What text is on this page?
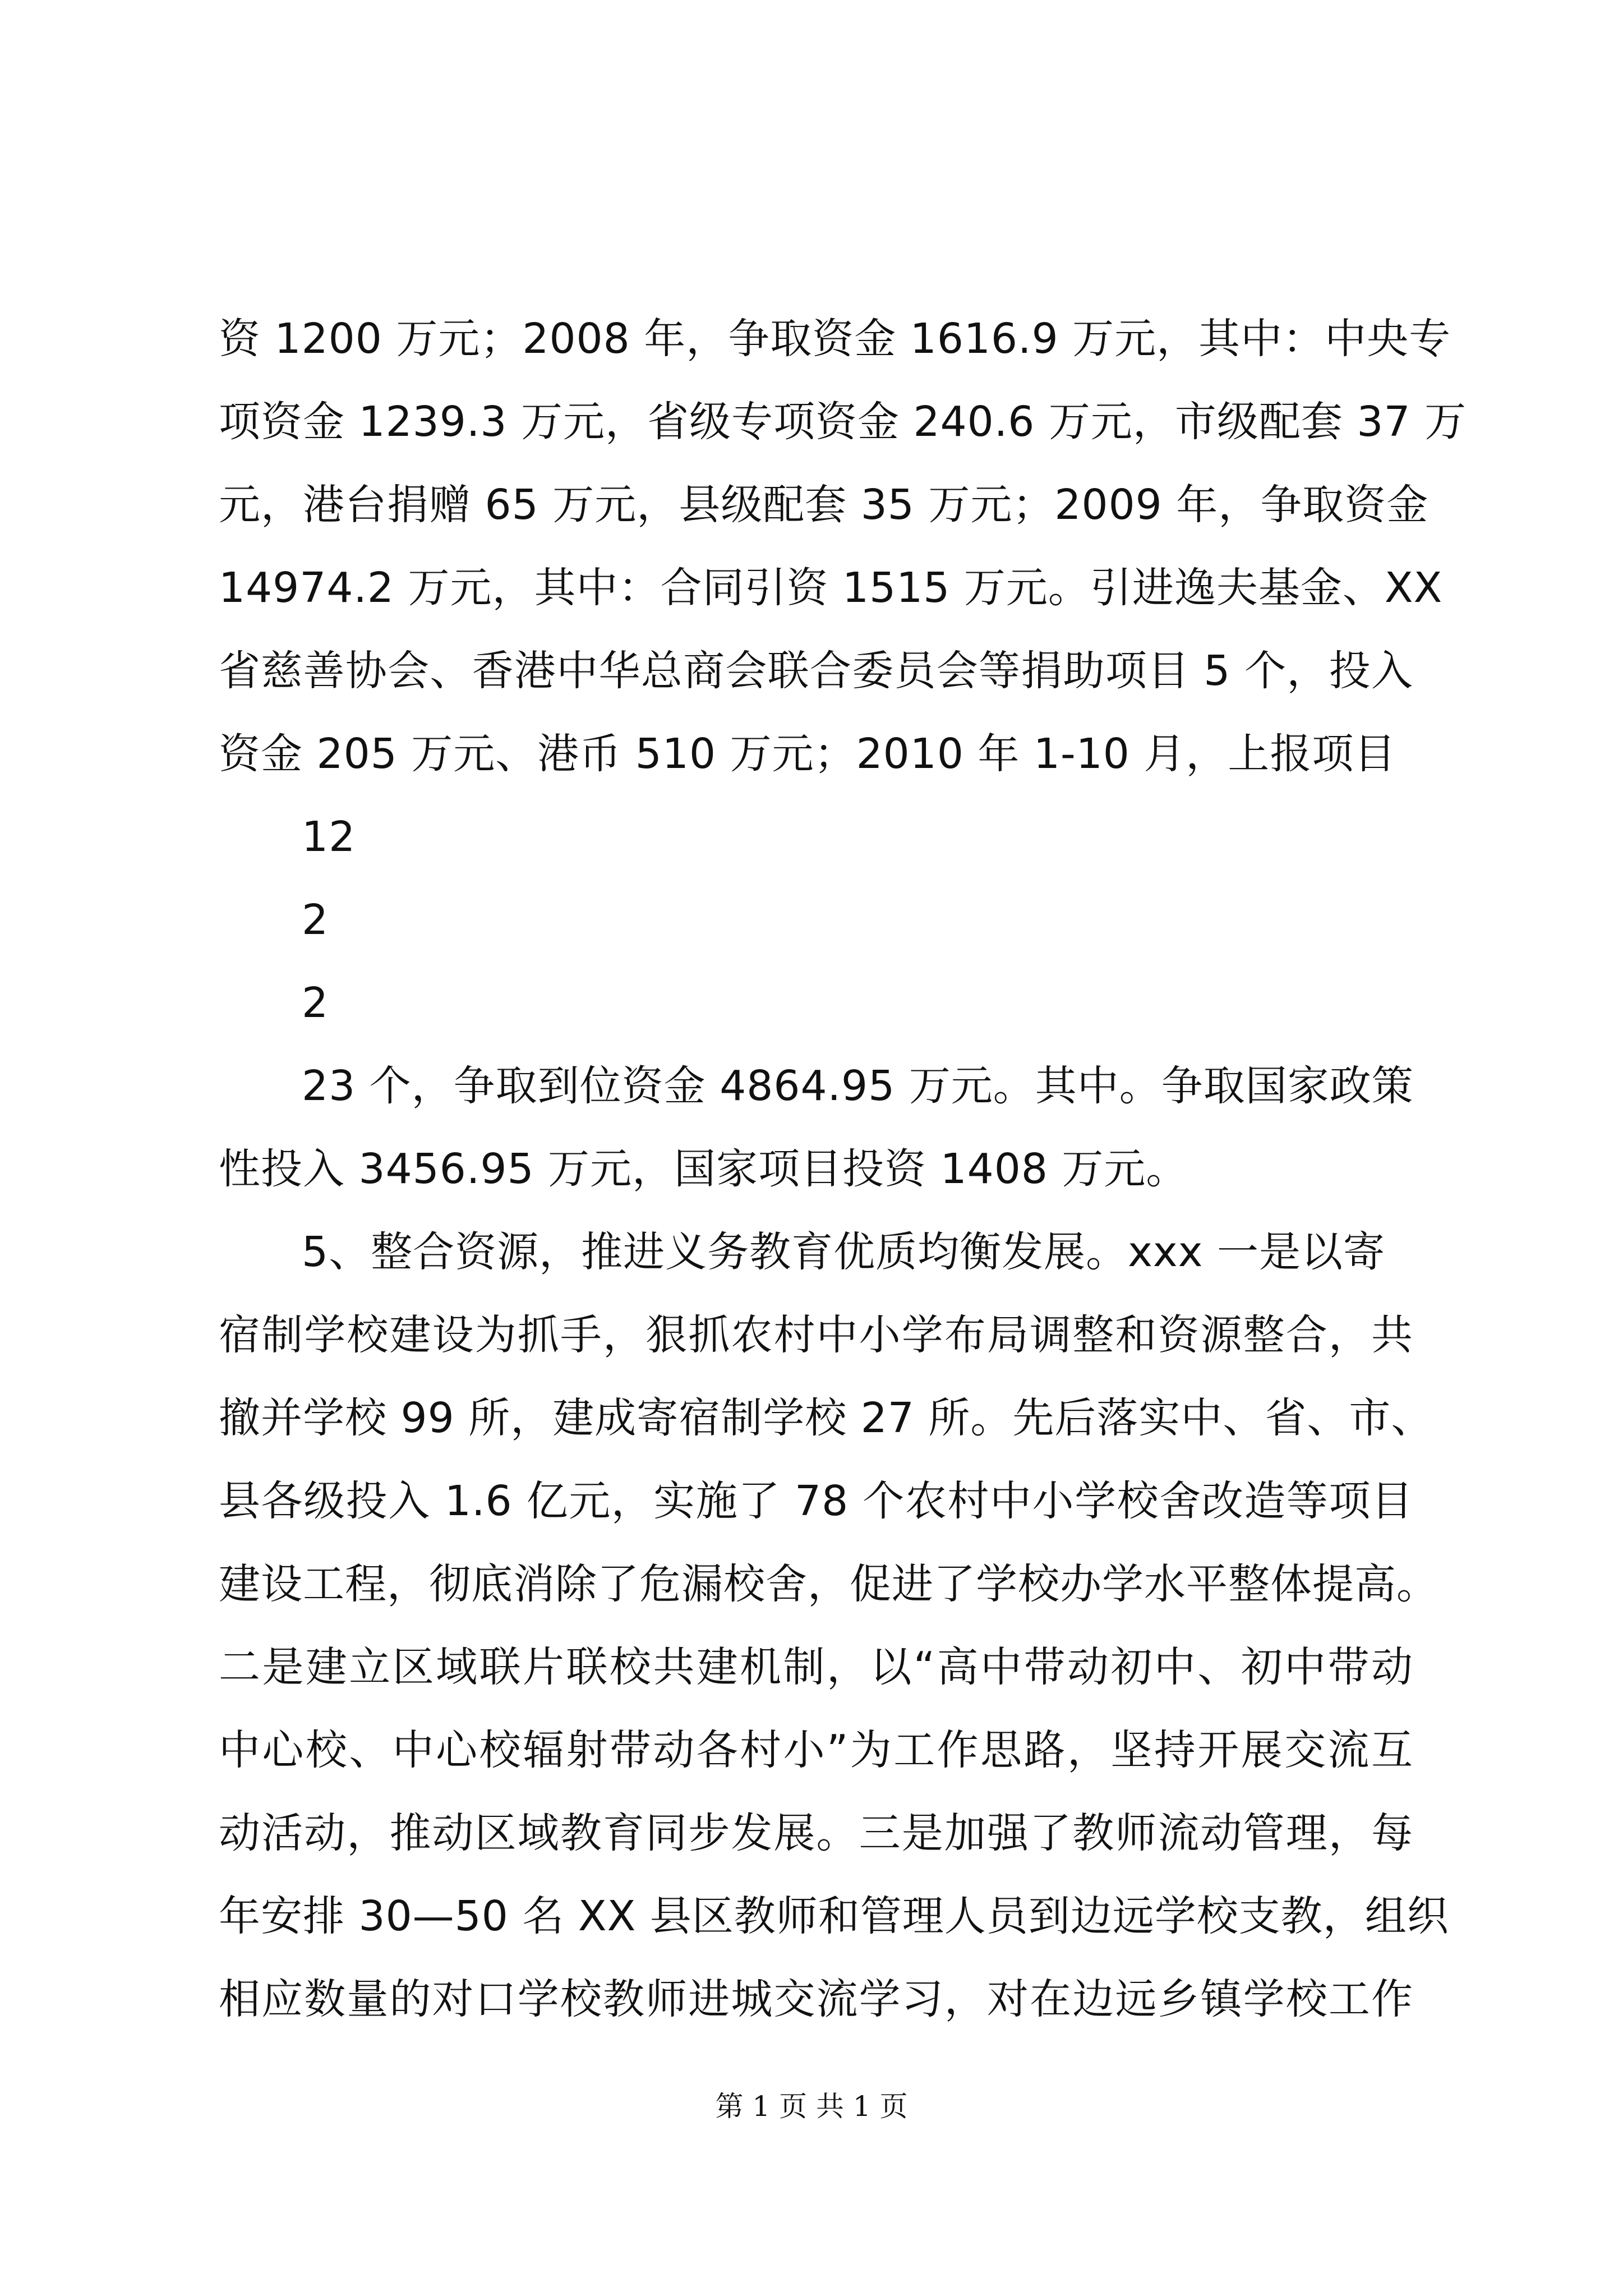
资 1200 万元；2008 年，争取资金 1616.9 万元，其中：中央专
项资金 1239.3 万元，省级专项资金 240.6 万元，市级配套 37 万
元，港台捐赠 65 万元，县级配套 35 万元；2009 年，争取资金
14974.2 万元，其中：合同引资 1515 万元。引进逸夫基金、XX
省慈善协会、香港中华总商会联合委员会等捐助项目 5 个，投入
资金 205 万元、港币 510 万元；2010 年 1-10 月，上报项目
12
2
2
23 个，争取到位资金 4864.95 万元。其中。争取国家政策
性投入 3456.95 万元，国家项目投资 1408 万元。
5、整合资源，推进义务教育优质均衡发展。xxx 一是以寄
宿制学校建设为抓手，狠抓农村中小学布局调整和资源整合，共
撤并学校 99 所，建成寄宿制学校 27 所。先后落实中、省、市、
县各级投入 1.6 亿元，实施了 78 个农村中小学校舍改造等项目
建设工程，彻底消除了危漏校舍，促进了学校办学水平整体提高。
二是建立区域联片联校共建机制，以“高中带动初中、初中带动
中心校、中心校辐射带动各村小”为工作思路，坚持开展交流互
动活动，推动区域教育同步发展。三是加强了教师流动管理，每
年安排 30—50 名 XX 县区教师和管理人员到边远学校支教，组织
相应数量的对口学校教师进城交流学习，对在边远乡镇学校工作
第 1 页 共 1 页
